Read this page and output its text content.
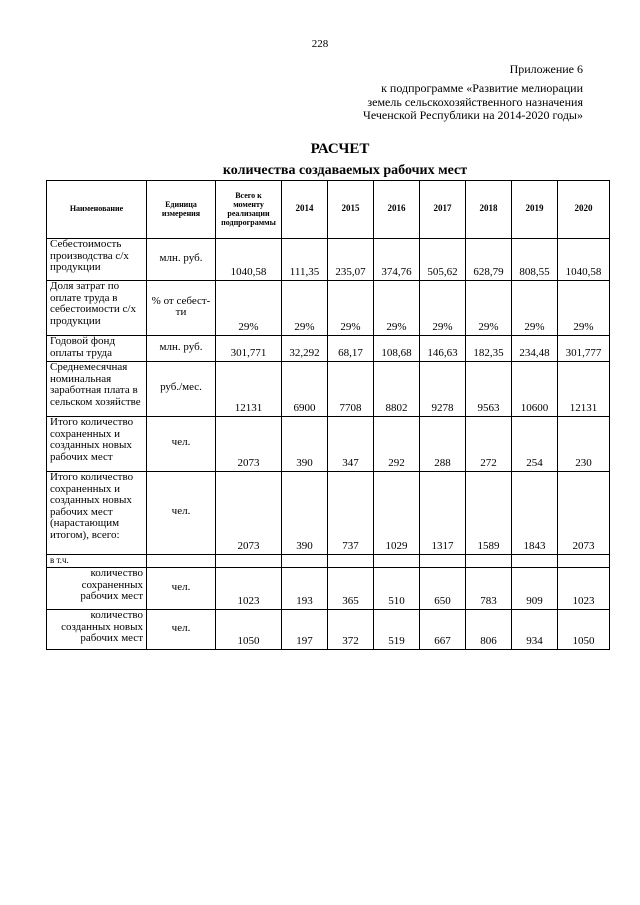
228
Приложение 6
к подпрограмме «Развитие мелиорации
земель сельскохозяйственного назначения
Чеченской Республики на 2014-2020 годы»
РАСЧЕТ
количества создаваемых рабочих мест
Наименование	Единица измерения	Всего к моменту реализации подпрограммы	2014	2015	2016	2017	2018	2019	2020
Себестоимость производства с/х продукции	млн. руб.	1040,58	111,35	235,07	374,76	505,62	628,79	808,55	1040,58
Доля затрат по оплате труда в себестоимости с/х продукции	% от себест-ти	29%	29%	29%	29%	29%	29%	29%	29%
Годовой фонд оплаты труда	млн. руб.	301,771	32,292	68,17	108,68	146,63	182,35	234,48	301,777
Среднемесячная номинальная заработная плата в сельском хозяйстве	руб./мес.	12131	6900	7708	8802	9278	9563	10600	12131
Итого количество сохраненных и созданных новых рабочих мест	чел.	2073	390	347	292	288	272	254	230
Итого количество сохраненных и созданных новых рабочих мест (нарастающим итогом), всего:	чел.	2073	390	737	1029	1317	1589	1843	2073
в т.ч.									
количество сохраненных рабочих мест	чел.	1023	193	365	510	650	783	909	1023
количество созданных новых рабочих мест	чел.	1050	197	372	519	667	806	934	1050
